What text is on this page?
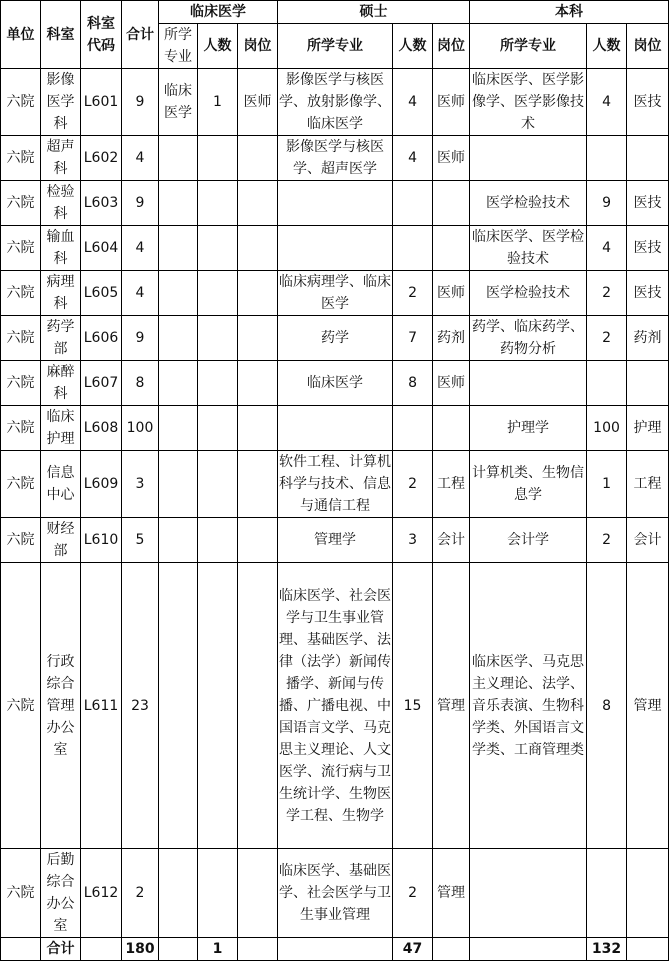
单位	科室	科室代码	合计	临床医学			硕士			本科		
				所学专业	人数	岗位	所学专业	人数	岗位	所学专业	人数	岗位
六院	影像医学科	L601	9	临床医学	1	医师	影像医学与核医学、放射影像学、临床医学	4	医师	临床医学、医学影像学、医学影像技术	4	医技
六院	超声科	L602	4				影像医学与核医学、超声医学	4	医师			
六院	检验科	L603	9							医学检验技术	9	医技
六院	输血科	L604	4							临床医学、医学检验技术	4	医技
六院	病理科	L605	4				临床病理学、临床医学	2	医师	医学检验技术	2	医技
六院	药学部	L606	9				药学	7	药剂	药学、临床药学、药物分析	2	药剂
六院	麻醉科	L607	8				临床医学	8	医师			
六院	临床护理	L608	100							护理学	100	护理
六院	信息中心	L609	3				软件工程、计算机科学与技术、信息与通信工程	2	工程	计算机类、生物信息学	1	工程
六院	财经部	L610	5				管理学	3	会计	会计学	2	会计
六院	行政综合管理办公室	L611	23				临床医学、社会医学与卫生事业管理、基础医学、法律（法学）新闻传播学、新闻与传播、广播电视、中国语言文学、马克思主义理论、人文医学、流行病与卫生统计学、生物医学工程、生物学	15	管理	临床医学、马克思主义理论、法学、音乐表演、生物科学类、外国语言文学类、工商管理类	8	管理
六院	后勤综合办公室	L612	2				临床医学、基础医学、社会医学与卫生事业管理	2	管理			
	合计		180		1			47			132	
